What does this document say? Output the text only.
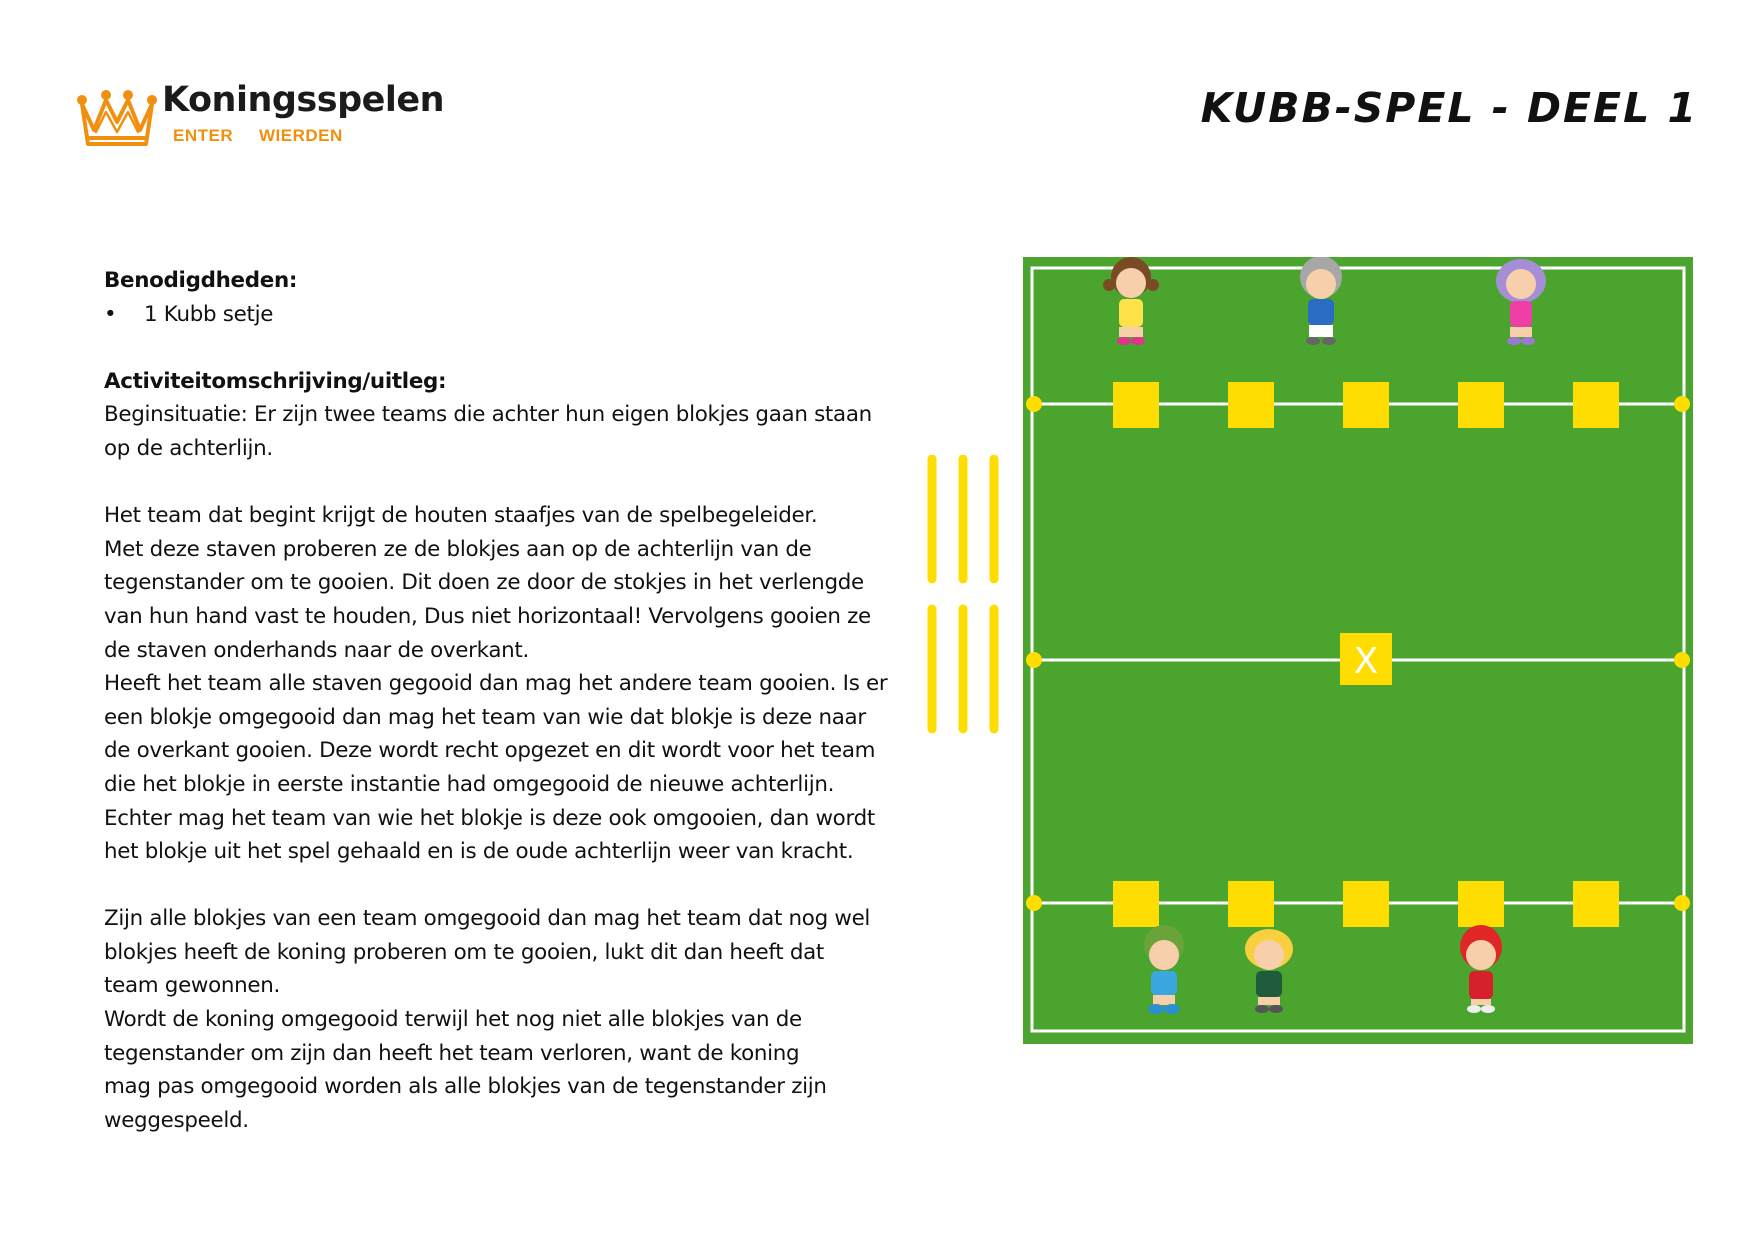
Koningsspelen
ENTER WIERDEN
KUBB-SPEL - DEEL 1

Benodigdheden:

• 1 Kubb setje

Activiteitomschrijving/uitleg:

Beginsituatie: Er zijn twee teams die achter hun eigen blokjes gaan staan

op de achterlijn.

Het team dat begint krijgt de houten staafjes van de spelbegeleider.

Met deze staven proberen ze de blokjes aan op de achterlijn van de

tegenstander om te gooien. Dit doen ze door de stokjes in het verlengde

van hun hand vast te houden, Dus niet horizontaal! Vervolgens gooien ze

de staven onderhands naar de overkant.

Heeft het team alle staven gegooid dan mag het andere team gooien. Is er

een blokje omgegooid dan mag het team van wie dat blokje is deze naar

de overkant gooien. Deze wordt recht opgezet en dit wordt voor het team

die het blokje in eerste instantie had omgegooid de nieuwe achterlijn.

Echter mag het team van wie het blokje is deze ook omgooien, dan wordt

het blokje uit het spel gehaald en is de oude achterlijn weer van kracht.

Zijn alle blokjes van een team omgegooid dan mag het team dat nog wel

blokjes heeft de koning proberen om te gooien, lukt dit dan heeft dat

team gewonnen.

Wordt de koning omgegooid terwijl het nog niet alle blokjes van de

tegenstander om zijn dan heeft het team verloren, want de koning

mag pas omgegooid worden als alle blokjes van de tegenstander zijn

weggespeeld.

X
